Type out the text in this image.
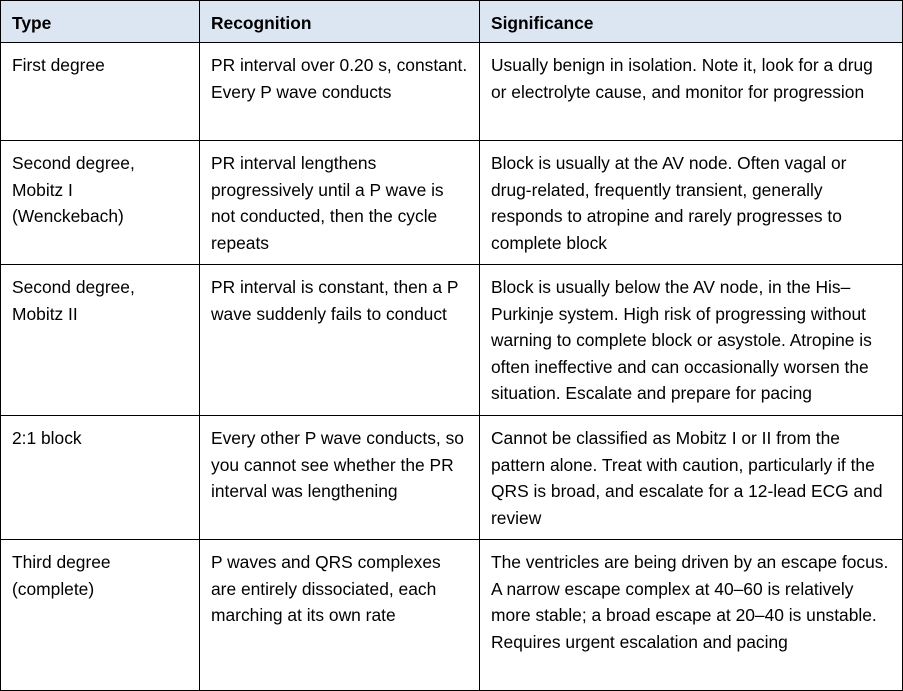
Type	Recognition	Significance
First degree	PR interval over 0.20 s, constant. Every P wave conducts	Usually benign in isolation. Note it, look for a drug or electrolyte cause, and monitor for progression
Second degree, Mobitz I (Wenckebach)	PR interval lengthens progressively until a P wave is not conducted, then the cycle repeats	Block is usually at the AV node. Often vagal or drug-related, frequently transient, generally responds to atropine and rarely progresses to complete block
Second degree, Mobitz II	PR interval is constant, then a P wave suddenly fails to conduct	Block is usually below the AV node, in the His–Purkinje system. High risk of progressing without warning to complete block or asystole. Atropine is often ineffective and can occasionally worsen the situation. Escalate and prepare for pacing
2:1 block	Every other P wave conducts, so you cannot see whether the PR interval was lengthening	Cannot be classified as Mobitz I or II from the pattern alone. Treat with caution, particularly if the QRS is broad, and escalate for a 12-lead ECG and review
Third degree (complete)	P waves and QRS complexes are entirely dissociated, each marching at its own rate	The ventricles are being driven by an escape focus. A narrow escape complex at 40–60 is relatively more stable; a broad escape at 20–40 is unstable. Requires urgent escalation and pacing
